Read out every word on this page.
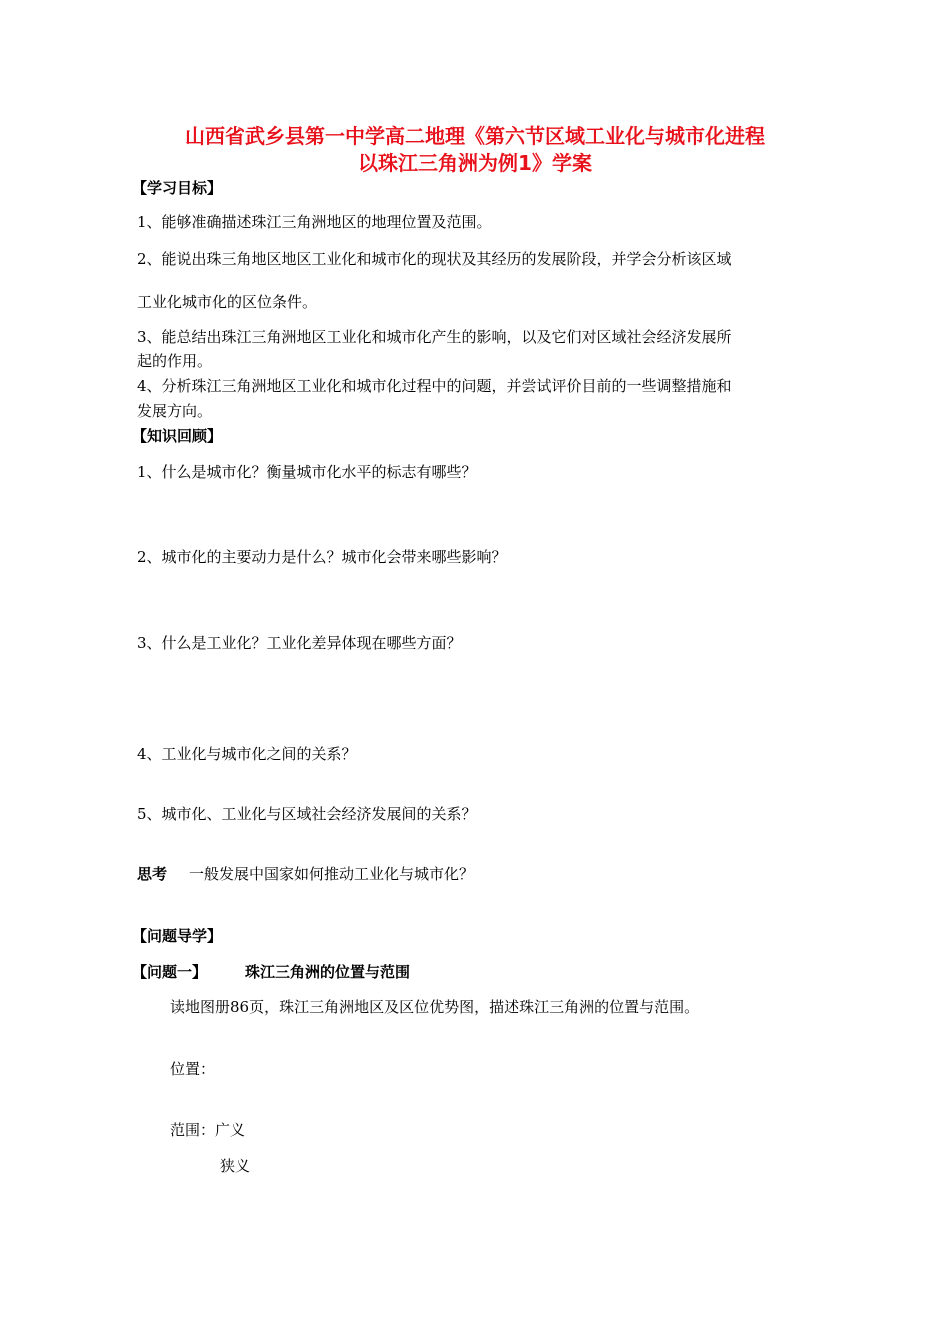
山西省武乡县第一中学高二地理《第六节区域工业化与城市化进程
以珠江三角洲为例1》学案
【学习目标】
1、能够准确描述珠江三角洲地区的地理位置及范围。
2、能说出珠三角地区地区工业化和城市化的现状及其经历的发展阶段，并学会分析该区域
工业化城市化的区位条件。
3、能总结出珠江三角洲地区工业化和城市化产生的影响，以及它们对区域社会经济发展所
起的作用。
4、分析珠江三角洲地区工业化和城市化过程中的问题，并尝试评价目前的一些调整措施和
发展方向。
【知识回顾】
1、什么是城市化？衡量城市化水平的标志有哪些？
2、城市化的主要动力是什么？城市化会带来哪些影响？
3、什么是工业化？工业化差异体现在哪些方面？
4、工业化与城市化之间的关系？
5、城市化、工业化与区域社会经济发展间的关系？
思考 一般发展中国家如何推动工业化与城市化？
【问题导学】
【问题一】	珠江三角洲的位置与范围
读地图册86页，珠江三角洲地区及区位优势图，描述珠江三角洲的位置与范围。
位置：
范围：广义
狭义
